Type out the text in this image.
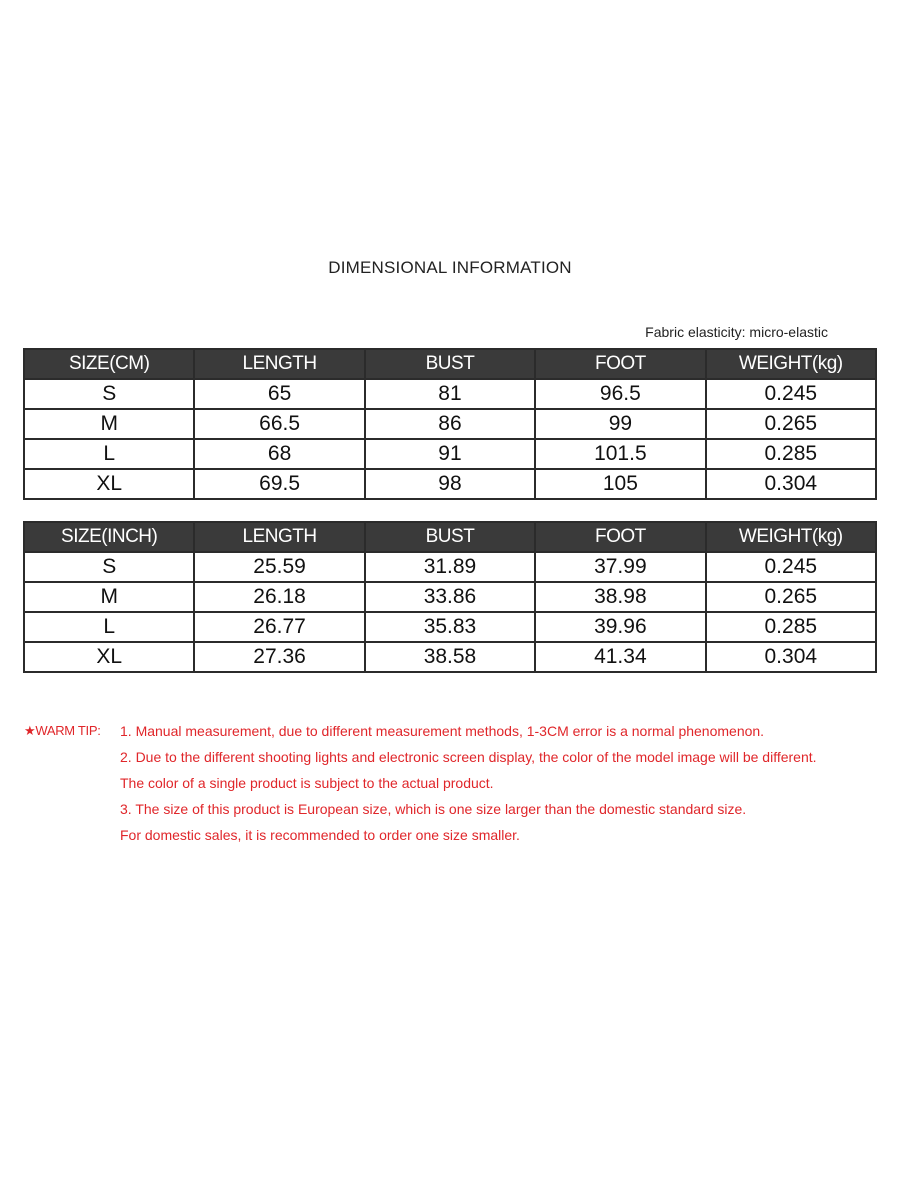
DIMENSIONAL INFORMATION
Fabric elasticity: micro-elastic
SIZE(CM)	LENGTH	BUST	FOOT	WEIGHT(kg)
S	65	81	96.5	0.245
M	66.5	86	99	0.265
L	68	91	101.5	0.285
XL	69.5	98	105	0.304
SIZE(INCH)	LENGTH	BUST	FOOT	WEIGHT(kg)
S	25.59	31.89	37.99	0.245
M	26.18	33.86	38.98	0.265
L	26.77	35.83	39.96	0.285
XL	27.36	38.58	41.34	0.304
★WARM TIP:	1. Manual measurement, due to different measurement methods, 1-3CM error is a normal phenomenon.
2. Due to the different shooting lights and electronic screen display, the color of the model image will be different.
The color of a single product is subject to the actual product.
3. The size of this product is European size, which is one size larger than the domestic standard size.
For domestic sales, it is recommended to order one size smaller.
